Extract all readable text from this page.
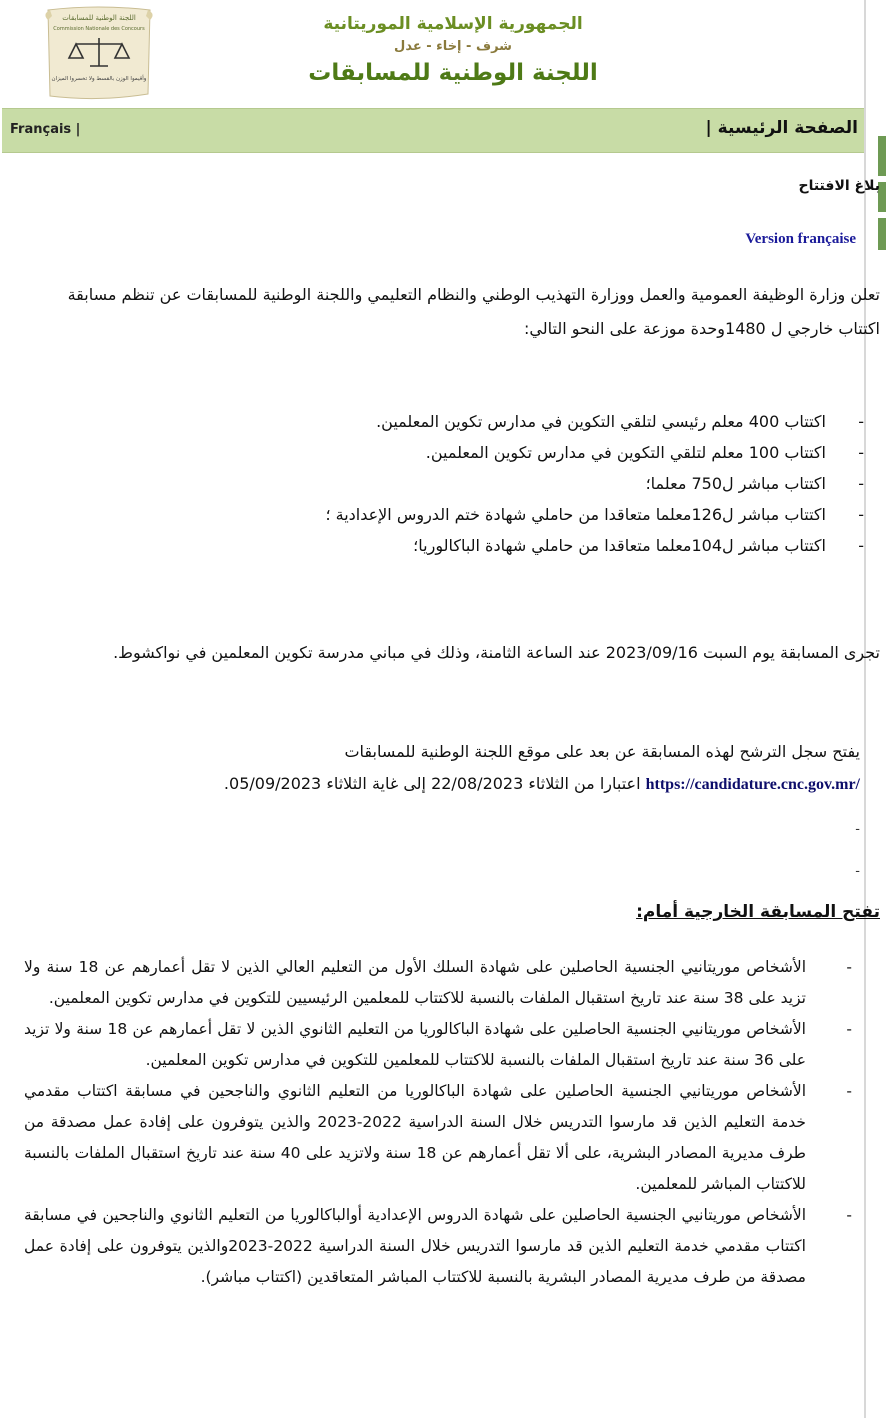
اللجنة الوطنية للمسابقات
Commission Nationale des Concours
وأقيموا الوزن بالقسط ولا تخسروا الميزان
الجمهورية الإسلامية الموريتانية
شرف - إخاء - عدل
اللجنة الوطنية للمسابقات
Français |	الصفحة الرئيسية |
بلاغ الافتتاح
Version française
تعلن وزارة الوظيفة العمومية والعمل ووزارة التهذيب الوطني والنظام التعليمي واللجنة الوطنية للمسابقات عن تنظم مسابقة اكتتاب خارجي ل 1480وحدة موزعة على النحو التالي:
- اكتتاب 400 معلم رئيسي لتلقي التكوين في مدارس تكوين المعلمين.
- اكتتاب 100 معلم لتلقي التكوين في مدارس تكوين المعلمين.
- اكتتاب مباشر ل750 معلما؛
- اكتتاب مباشر ل126معلما متعاقدا من حاملي شهادة ختم الدروس الإعدادية ؛
- اكتتاب مباشر ل104معلما متعاقدا من حاملي شهادة الباكالوريا؛
تجرى المسابقة يوم السبت 2023/09/16 عند الساعة الثامنة، وذلك في مباني مدرسة تكوين المعلمين في نواكشوط.
يفتح سجل الترشح لهذه المسابقة عن بعد على موقع اللجنة الوطنية للمسابقات
https://candidature.cnc.gov.mr/ اعتبارا من الثلاثاء 22/08/2023 إلى غاية الثلاثاء 05/09/2023.
-
-
تفتح المسابقة الخارجية أمام:
- الأشخاص موريتانيي الجنسية الحاصلين على شهادة السلك الأول من التعليم العالي الذين لا تقل أعمارهم عن 18 سنة ولا تزيد على 38 سنة عند تاريخ استقبال الملفات بالنسبة للاكتتاب للمعلمين الرئيسيين للتكوين في مدارس تكوين المعلمين.
- الأشخاص موريتانيي الجنسية الحاصلين على شهادة الباكالوريا من التعليم الثانوي الذين لا تقل أعمارهم عن 18 سنة ولا تزيد على 36 سنة عند تاريخ استقبال الملفات بالنسبة للاكتتاب للمعلمين للتكوين في مدارس تكوين المعلمين.
- الأشخاص موريتانيي الجنسية الحاصلين على شهادة الباكالوريا من التعليم الثانوي والناجحين في مسابقة اكتتاب مقدمي خدمة التعليم الذين قد مارسوا التدريس خلال السنة الدراسية 2022-2023 والذين يتوفرون على إفادة عمل مصدقة من طرف مديرية المصادر البشرية، على ألا تقل أعمارهم عن 18 سنة ولاتزيد على 40 سنة عند تاريخ استقبال الملفات بالنسبة للاكتتاب المباشر للمعلمين.
- الأشخاص موريتانيي الجنسية الحاصلين على شهادة الدروس الإعدادية أوالباكالوريا من التعليم الثانوي والناجحين في مسابقة اكتتاب مقدمي خدمة التعليم الذين قد مارسوا التدريس خلال السنة الدراسية 2022-2023والذين يتوفرون على إفادة عمل مصدقة من طرف مديرية المصادر البشرية بالنسبة للاكتتاب المباشر المتعاقدين (اكتتاب مباشر).
